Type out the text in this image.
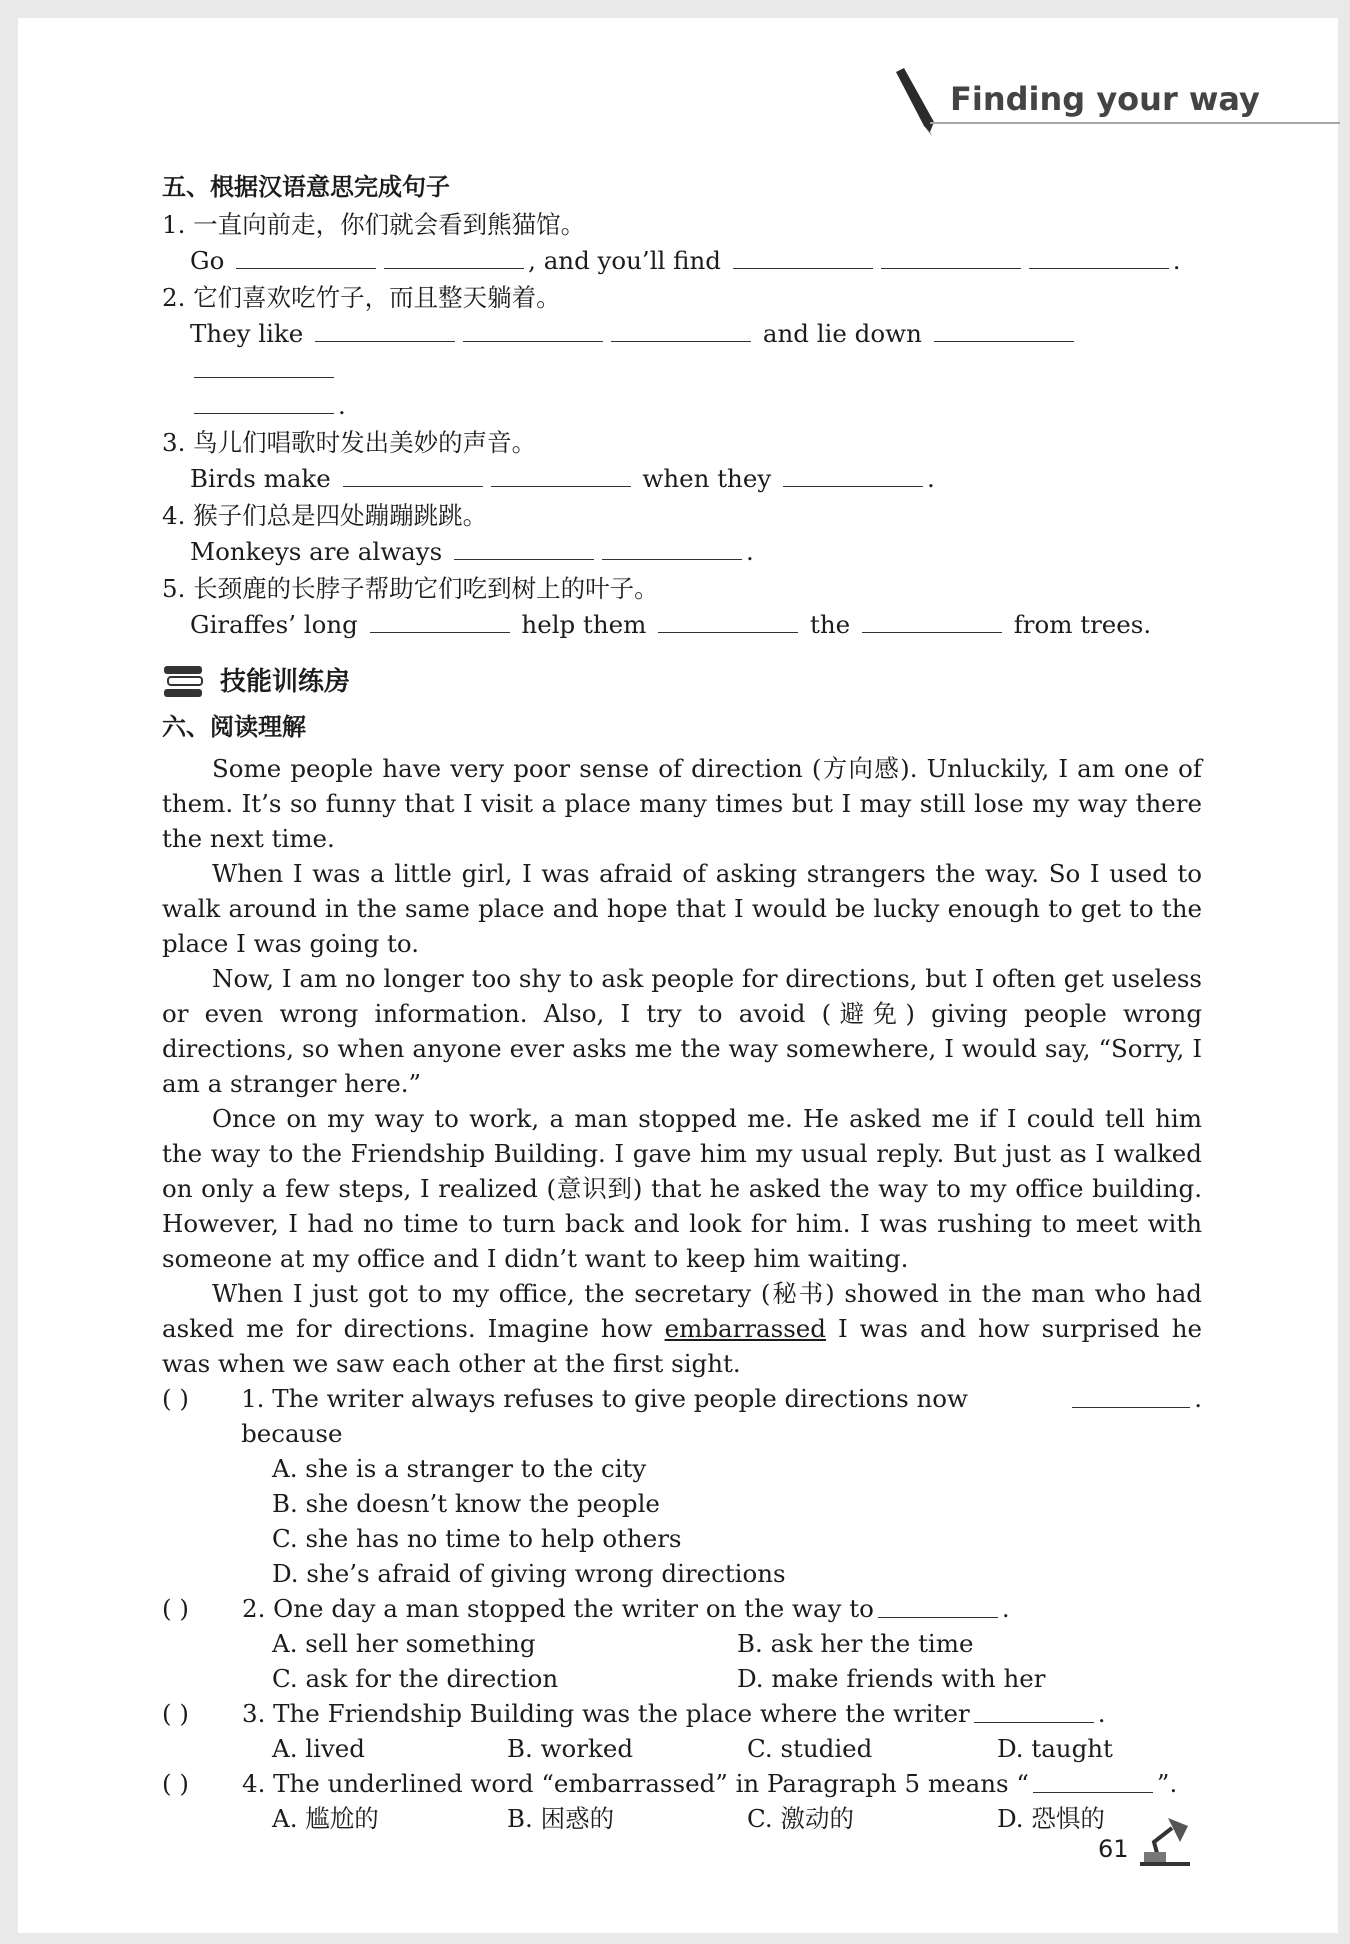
Finding your way
五、根据汉语意思完成句子
1. 一直向前走，你们就会看到熊猫馆。
Go	, and you’ll find	.
2. 它们喜欢吃竹子，而且整天躺着。
They like	and lie down
.
3. 鸟儿们唱歌时发出美妙的声音。
Birds make	when they	.
4. 猴子们总是四处蹦蹦跳跳。
Monkeys are always	.
5. 长颈鹿的长脖子帮助它们吃到树上的叶子。
Giraffes’ long	help them	the	from trees.
技能训练房
六、阅读理解

Some people have very poor sense of direction (方向感). Unluckily, I am one of them. It’s so funny that I visit a place many times but I may still lose my way there the next time.

When I was a little girl, I was afraid of asking strangers the way. So I used to walk around in the same place and hope that I would be lucky enough to get to the place I was going to.

Now, I am no longer too shy to ask people for directions, but I often get useless or even wrong information. Also, I try to avoid (避免) giving people wrong directions, so when anyone ever asks me the way somewhere, I would say, “Sorry, I am a stranger here.”

Once on my way to work, a man stopped me. He asked me if I could tell him the way to the Friendship Building. I gave him my usual reply. But just as I walked on only a few steps, I realized (意识到) that he asked the way to my office building. However, I had no time to turn back and look for him. I was rushing to meet with someone at my office and I didn’t want to keep him waiting.

When I just got to my office, the secretary (秘书) showed in the man who had asked me for directions. Imagine how embarrassed I was and how surprised he was when we saw each other at the first sight.

( )	1. The writer always refuses to give people directions now because
.
A. she is a stranger to the city
B. she doesn’t know the people
C. she has no time to help others
D. she’s afraid of giving wrong directions
( )	2. One day a man stopped the writer on the way to	.
A. sell her something	B. ask her the time
C. ask for the direction	D. make friends with her
( )	3. The Friendship Building was the place where the writer	.
A. lived	B. worked	C. studied	D. taught
( )	4. The underlined word “embarrassed” in Paragraph 5 means “	”.
A. 尴尬的	B. 困惑的	C. 激动的	D. 恐惧的
61
